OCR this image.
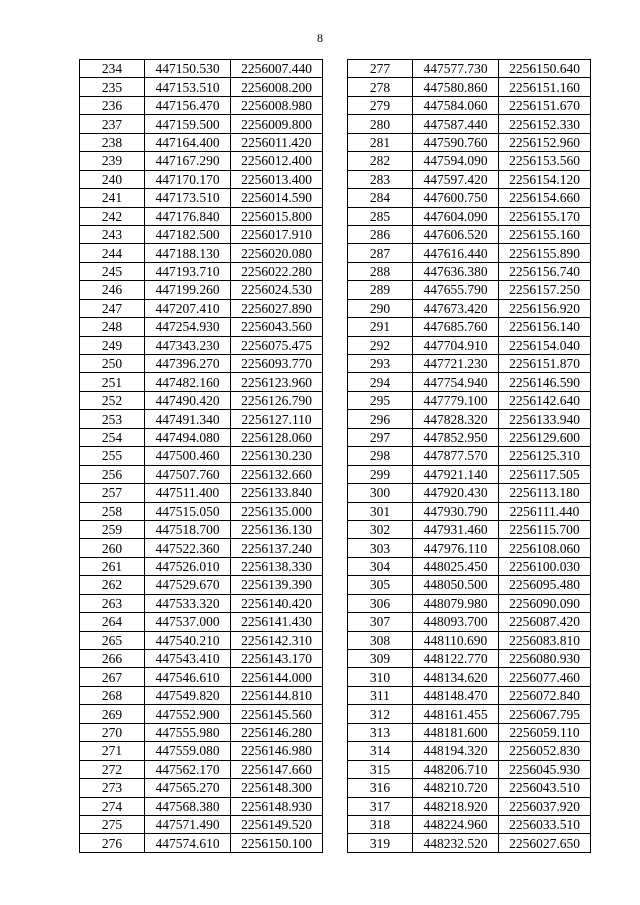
8
234	447150.530	2256007.440
235	447153.510	2256008.200
236	447156.470	2256008.980
237	447159.500	2256009.800
238	447164.400	2256011.420
239	447167.290	2256012.400
240	447170.170	2256013.400
241	447173.510	2256014.590
242	447176.840	2256015.800
243	447182.500	2256017.910
244	447188.130	2256020.080
245	447193.710	2256022.280
246	447199.260	2256024.530
247	447207.410	2256027.890
248	447254.930	2256043.560
249	447343.230	2256075.475
250	447396.270	2256093.770
251	447482.160	2256123.960
252	447490.420	2256126.790
253	447491.340	2256127.110
254	447494.080	2256128.060
255	447500.460	2256130.230
256	447507.760	2256132.660
257	447511.400	2256133.840
258	447515.050	2256135.000
259	447518.700	2256136.130
260	447522.360	2256137.240
261	447526.010	2256138.330
262	447529.670	2256139.390
263	447533.320	2256140.420
264	447537.000	2256141.430
265	447540.210	2256142.310
266	447543.410	2256143.170
267	447546.610	2256144.000
268	447549.820	2256144.810
269	447552.900	2256145.560
270	447555.980	2256146.280
271	447559.080	2256146.980
272	447562.170	2256147.660
273	447565.270	2256148.300
274	447568.380	2256148.930
275	447571.490	2256149.520
276	447574.610	2256150.100
277	447577.730	2256150.640
278	447580.860	2256151.160
279	447584.060	2256151.670
280	447587.440	2256152.330
281	447590.760	2256152.960
282	447594.090	2256153.560
283	447597.420	2256154.120
284	447600.750	2256154.660
285	447604.090	2256155.170
286	447606.520	2256155.160
287	447616.440	2256155.890
288	447636.380	2256156.740
289	447655.790	2256157.250
290	447673.420	2256156.920
291	447685.760	2256156.140
292	447704.910	2256154.040
293	447721.230	2256151.870
294	447754.940	2256146.590
295	447779.100	2256142.640
296	447828.320	2256133.940
297	447852.950	2256129.600
298	447877.570	2256125.310
299	447921.140	2256117.505
300	447920.430	2256113.180
301	447930.790	2256111.440
302	447931.460	2256115.700
303	447976.110	2256108.060
304	448025.450	2256100.030
305	448050.500	2256095.480
306	448079.980	2256090.090
307	448093.700	2256087.420
308	448110.690	2256083.810
309	448122.770	2256080.930
310	448134.620	2256077.460
311	448148.470	2256072.840
312	448161.455	2256067.795
313	448181.600	2256059.110
314	448194.320	2256052.830
315	448206.710	2256045.930
316	448210.720	2256043.510
317	448218.920	2256037.920
318	448224.960	2256033.510
319	448232.520	2256027.650
